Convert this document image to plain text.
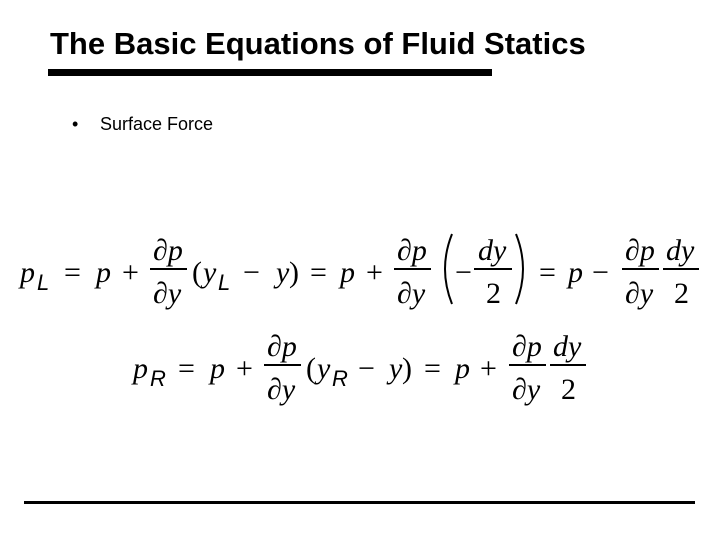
The Basic Equations of Fluid Statics
• Surface Force
p L = p +
∂p
∂y
( y L − y ) = p +
∂p
∂y
−
dy
2
= p −
∂p
∂y
dy
2
p R = p +
∂p
∂y
( y R − y ) = p +
∂p
∂y
dy
2
